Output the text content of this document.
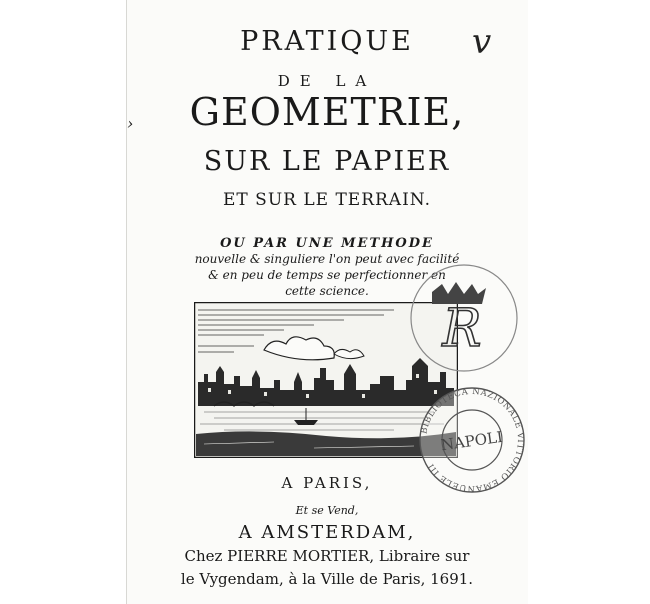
›
v
PRATIQUE
DE LA
GEOMETRIE,
SUR LE PAPIER
ET SUR LE TERRAIN.
OU PAR UNE METHODE
nouvelle & singuliere l'on peut avec facilité
& en peu de temps se perfectionner en
cette science.
R
BIBLIOTECA NAZIONALE VITTORIO EMANUELE III
NAPOLI
A PARIS,
Et se Vend,
A AMSTERDAM,
Chez PIERRE MORTIER, Libraire sur
le Vygendam, à la Ville de Paris, 1691.
